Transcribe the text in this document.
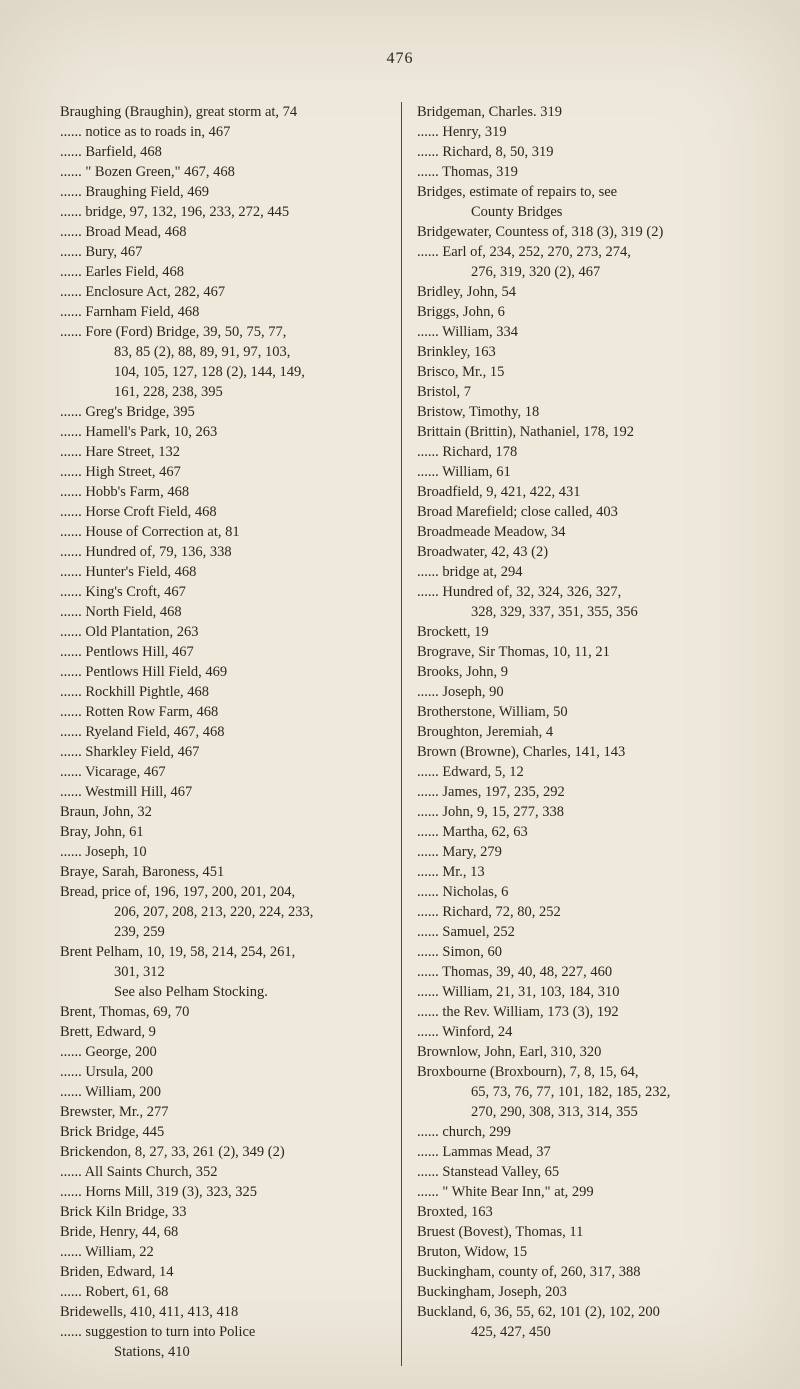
476
Braughing (Braughin), great storm at, 74
...... notice as to roads in, 467
...... Barfield, 468
...... " Bozen Green," 467, 468
...... Braughing Field, 469
...... bridge, 97, 132, 196, 233, 272, 445
...... Broad Mead, 468
...... Bury, 467
...... Earles Field, 468
...... Enclosure Act, 282, 467
...... Farnham Field, 468
...... Fore (Ford) Bridge, 39, 50, 75, 77,
83, 85 (2), 88, 89, 91, 97, 103,
104, 105, 127, 128 (2), 144, 149,
161, 228, 238, 395
...... Greg's Bridge, 395
...... Hamell's Park, 10, 263
...... Hare Street, 132
...... High Street, 467
...... Hobb's Farm, 468
...... Horse Croft Field, 468
...... House of Correction at, 81
...... Hundred of, 79, 136, 338
...... Hunter's Field, 468
...... King's Croft, 467
...... North Field, 468
...... Old Plantation, 263
...... Pentlows Hill, 467
...... Pentlows Hill Field, 469
...... Rockhill Pightle, 468
...... Rotten Row Farm, 468
...... Ryeland Field, 467, 468
...... Sharkley Field, 467
...... Vicarage, 467
...... Westmill Hill, 467
Braun, John, 32
Bray, John, 61
...... Joseph, 10
Braye, Sarah, Baroness, 451
Bread, price of, 196, 197, 200, 201, 204,
206, 207, 208, 213, 220, 224, 233,
239, 259
Brent Pelham, 10, 19, 58, 214, 254, 261,
301, 312
See also Pelham Stocking.
Brent, Thomas, 69, 70
Brett, Edward, 9
...... George, 200
...... Ursula, 200
...... William, 200
Brewster, Mr., 277
Brick Bridge, 445
Brickendon, 8, 27, 33, 261 (2), 349 (2)
...... All Saints Church, 352
...... Horns Mill, 319 (3), 323, 325
Brick Kiln Bridge, 33
Bride, Henry, 44, 68
...... William, 22
Briden, Edward, 14
...... Robert, 61, 68
Bridewells, 410, 411, 413, 418
...... suggestion to turn into Police
Stations, 410
Bridgeman, Charles. 319
...... Henry, 319
...... Richard, 8, 50, 319
...... Thomas, 319
Bridges, estimate of repairs to, see
County Bridges
Bridgewater, Countess of, 318 (3), 319 (2)
...... Earl of, 234, 252, 270, 273, 274,
276, 319, 320 (2), 467
Bridley, John, 54
Briggs, John, 6
...... William, 334
Brinkley, 163
Brisco, Mr., 15
Bristol, 7
Bristow, Timothy, 18
Brittain (Brittin), Nathaniel, 178, 192
...... Richard, 178
...... William, 61
Broadfield, 9, 421, 422, 431
Broad Marefield; close called, 403
Broadmeade Meadow, 34
Broadwater, 42, 43 (2)
...... bridge at, 294
...... Hundred of, 32, 324, 326, 327,
328, 329, 337, 351, 355, 356
Brockett, 19
Brograve, Sir Thomas, 10, 11, 21
Brooks, John, 9
...... Joseph, 90
Brotherstone, William, 50
Broughton, Jeremiah, 4
Brown (Browne), Charles, 141, 143
...... Edward, 5, 12
...... James, 197, 235, 292
...... John, 9, 15, 277, 338
...... Martha, 62, 63
...... Mary, 279
...... Mr., 13
...... Nicholas, 6
...... Richard, 72, 80, 252
...... Samuel, 252
...... Simon, 60
...... Thomas, 39, 40, 48, 227, 460
...... William, 21, 31, 103, 184, 310
...... the Rev. William, 173 (3), 192
...... Winford, 24
Brownlow, John, Earl, 310, 320
Broxbourne (Broxbourn), 7, 8, 15, 64,
65, 73, 76, 77, 101, 182, 185, 232,
270, 290, 308, 313, 314, 355
...... church, 299
...... Lammas Mead, 37
...... Stanstead Valley, 65
...... " White Bear Inn," at, 299
Broxted, 163
Bruest (Bovest), Thomas, 11
Bruton, Widow, 15
Buckingham, county of, 260, 317, 388
Buckingham, Joseph, 203
Buckland, 6, 36, 55, 62, 101 (2), 102, 200
425, 427, 450
